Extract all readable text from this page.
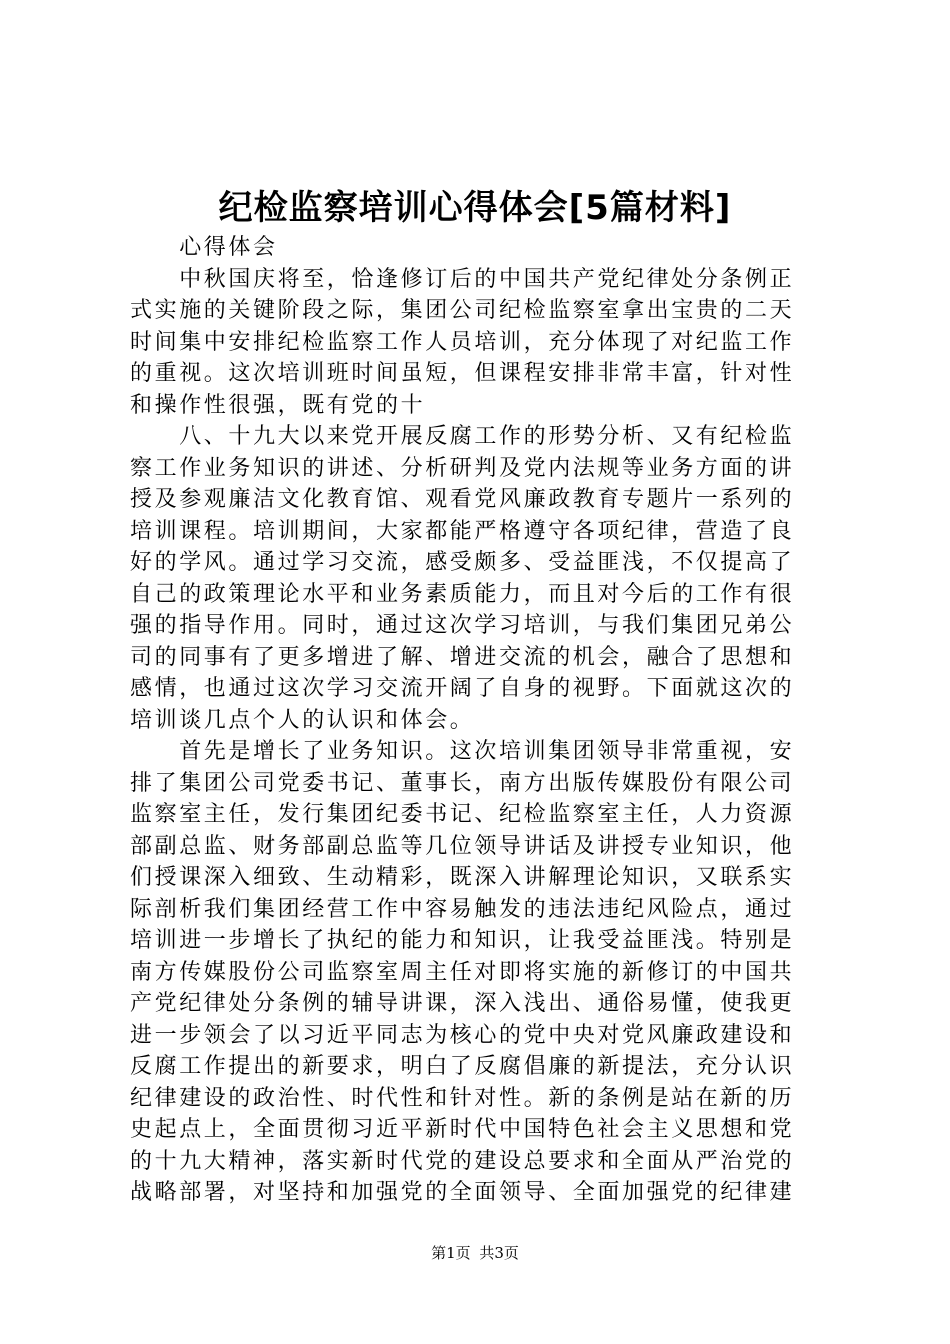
纪检监察培训心得体会[5篇材料]
　　心得体会
　　中秋国庆将至，恰逢修订后的中国共产党纪律处分条例正
式实施的关键阶段之际，集团公司纪检监察室拿出宝贵的二天
时间集中安排纪检监察工作人员培训，充分体现了对纪监工作
的重视。这次培训班时间虽短，但课程安排非常丰富，针对性
和操作性很强，既有党的十
　　八、十九大以来党开展反腐工作的形势分析、又有纪检监
察工作业务知识的讲述、分析研判及党内法规等业务方面的讲
授及参观廉洁文化教育馆、观看党风廉政教育专题片一系列的
培训课程。培训期间，大家都能严格遵守各项纪律，营造了良
好的学风。通过学习交流，感受颇多、受益匪浅，不仅提高了
自己的政策理论水平和业务素质能力，而且对今后的工作有很
强的指导作用。同时，通过这次学习培训，与我们集团兄弟公
司的同事有了更多增进了解、增进交流的机会，融合了思想和
感情，也通过这次学习交流开阔了自身的视野。下面就这次的
培训谈几点个人的认识和体会。
　　首先是增长了业务知识。这次培训集团领导非常重视，安
排了集团公司党委书记、董事长，南方出版传媒股份有限公司
监察室主任，发行集团纪委书记、纪检监察室主任，人力资源
部副总监、财务部副总监等几位领导讲话及讲授专业知识，他
们授课深入细致、生动精彩，既深入讲解理论知识，又联系实
际剖析我们集团经营工作中容易触发的违法违纪风险点，通过
培训进一步增长了执纪的能力和知识，让我受益匪浅。特别是
南方传媒股份公司监察室周主任对即将实施的新修订的中国共
产党纪律处分条例的辅导讲课，深入浅出、通俗易懂，使我更
进一步领会了以习近平同志为核心的党中央对党风廉政建设和
反腐工作提出的新要求，明白了反腐倡廉的新提法，充分认识
纪律建设的政治性、时代性和针对性。新的条例是站在新的历
史起点上，全面贯彻习近平新时代中国特色社会主义思想和党
的十九大精神，落实新时代党的建设总要求和全面从严治党的
战略部署，对坚持和加强党的全面领导、全面加强党的纪律建
第1页 共3页
